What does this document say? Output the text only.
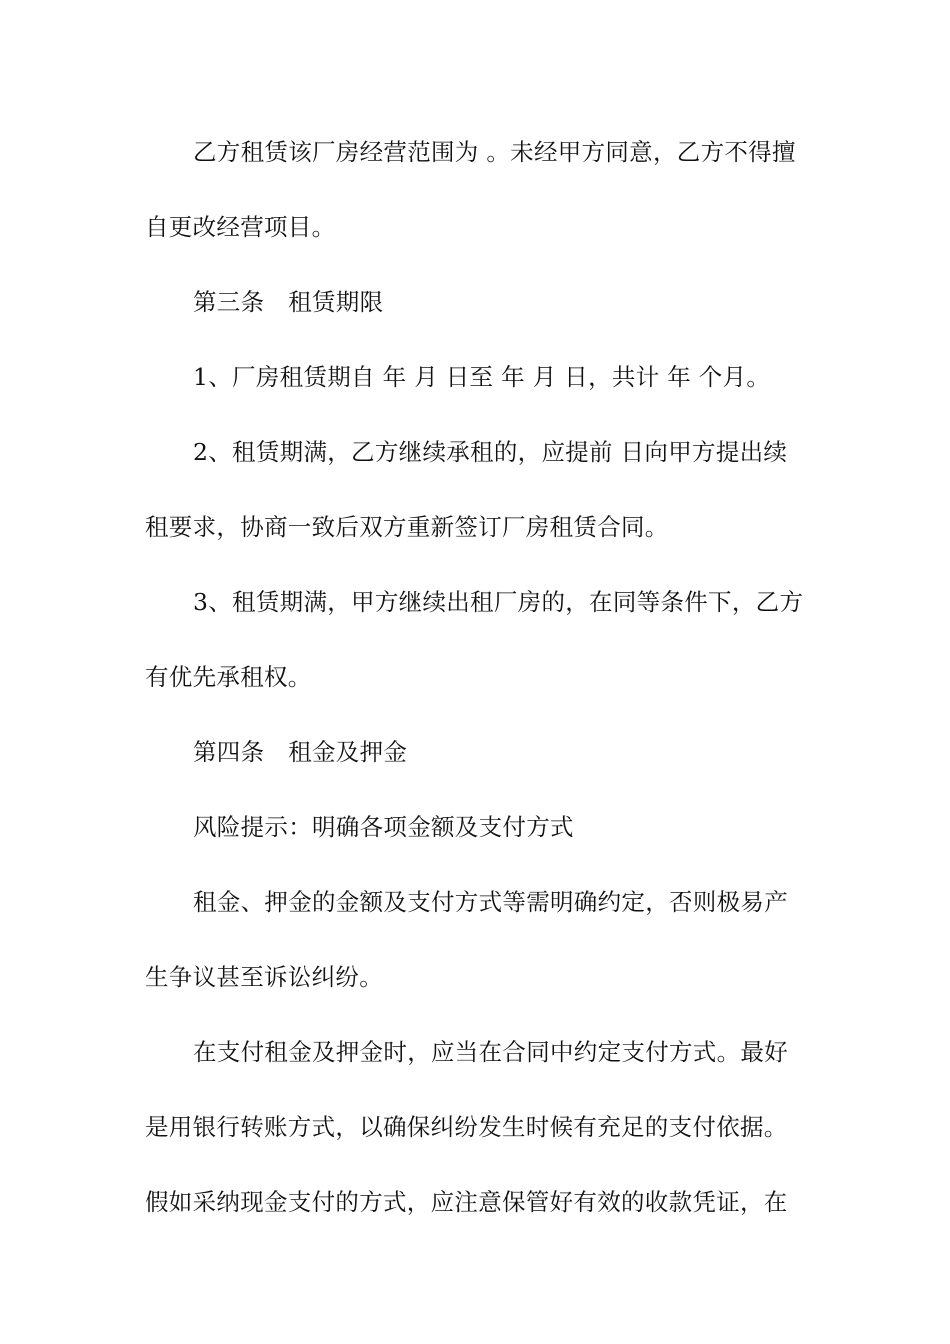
乙方租赁该厂房经营范围为 。未经甲方同意，乙方不得擅
自更改经营项目。
第三条　租赁期限
1、厂房租赁期自 年 月 日至 年 月 日，共计 年 个月。
2、租赁期满，乙方继续承租的，应提前 日向甲方提出续
租要求，协商一致后双方重新签订厂房租赁合同。
3、租赁期满，甲方继续出租厂房的，在同等条件下，乙方
有优先承租权。
第四条　租金及押金
风险提示：明确各项金额及支付方式
租金、押金的金额及支付方式等需明确约定，否则极易产
生争议甚至诉讼纠纷。
在支付租金及押金时，应当在合同中约定支付方式。最好
是用银行转账方式，以确保纠纷发生时候有充足的支付依据。
假如采纳现金支付的方式，应注意保管好有效的收款凭证，在
